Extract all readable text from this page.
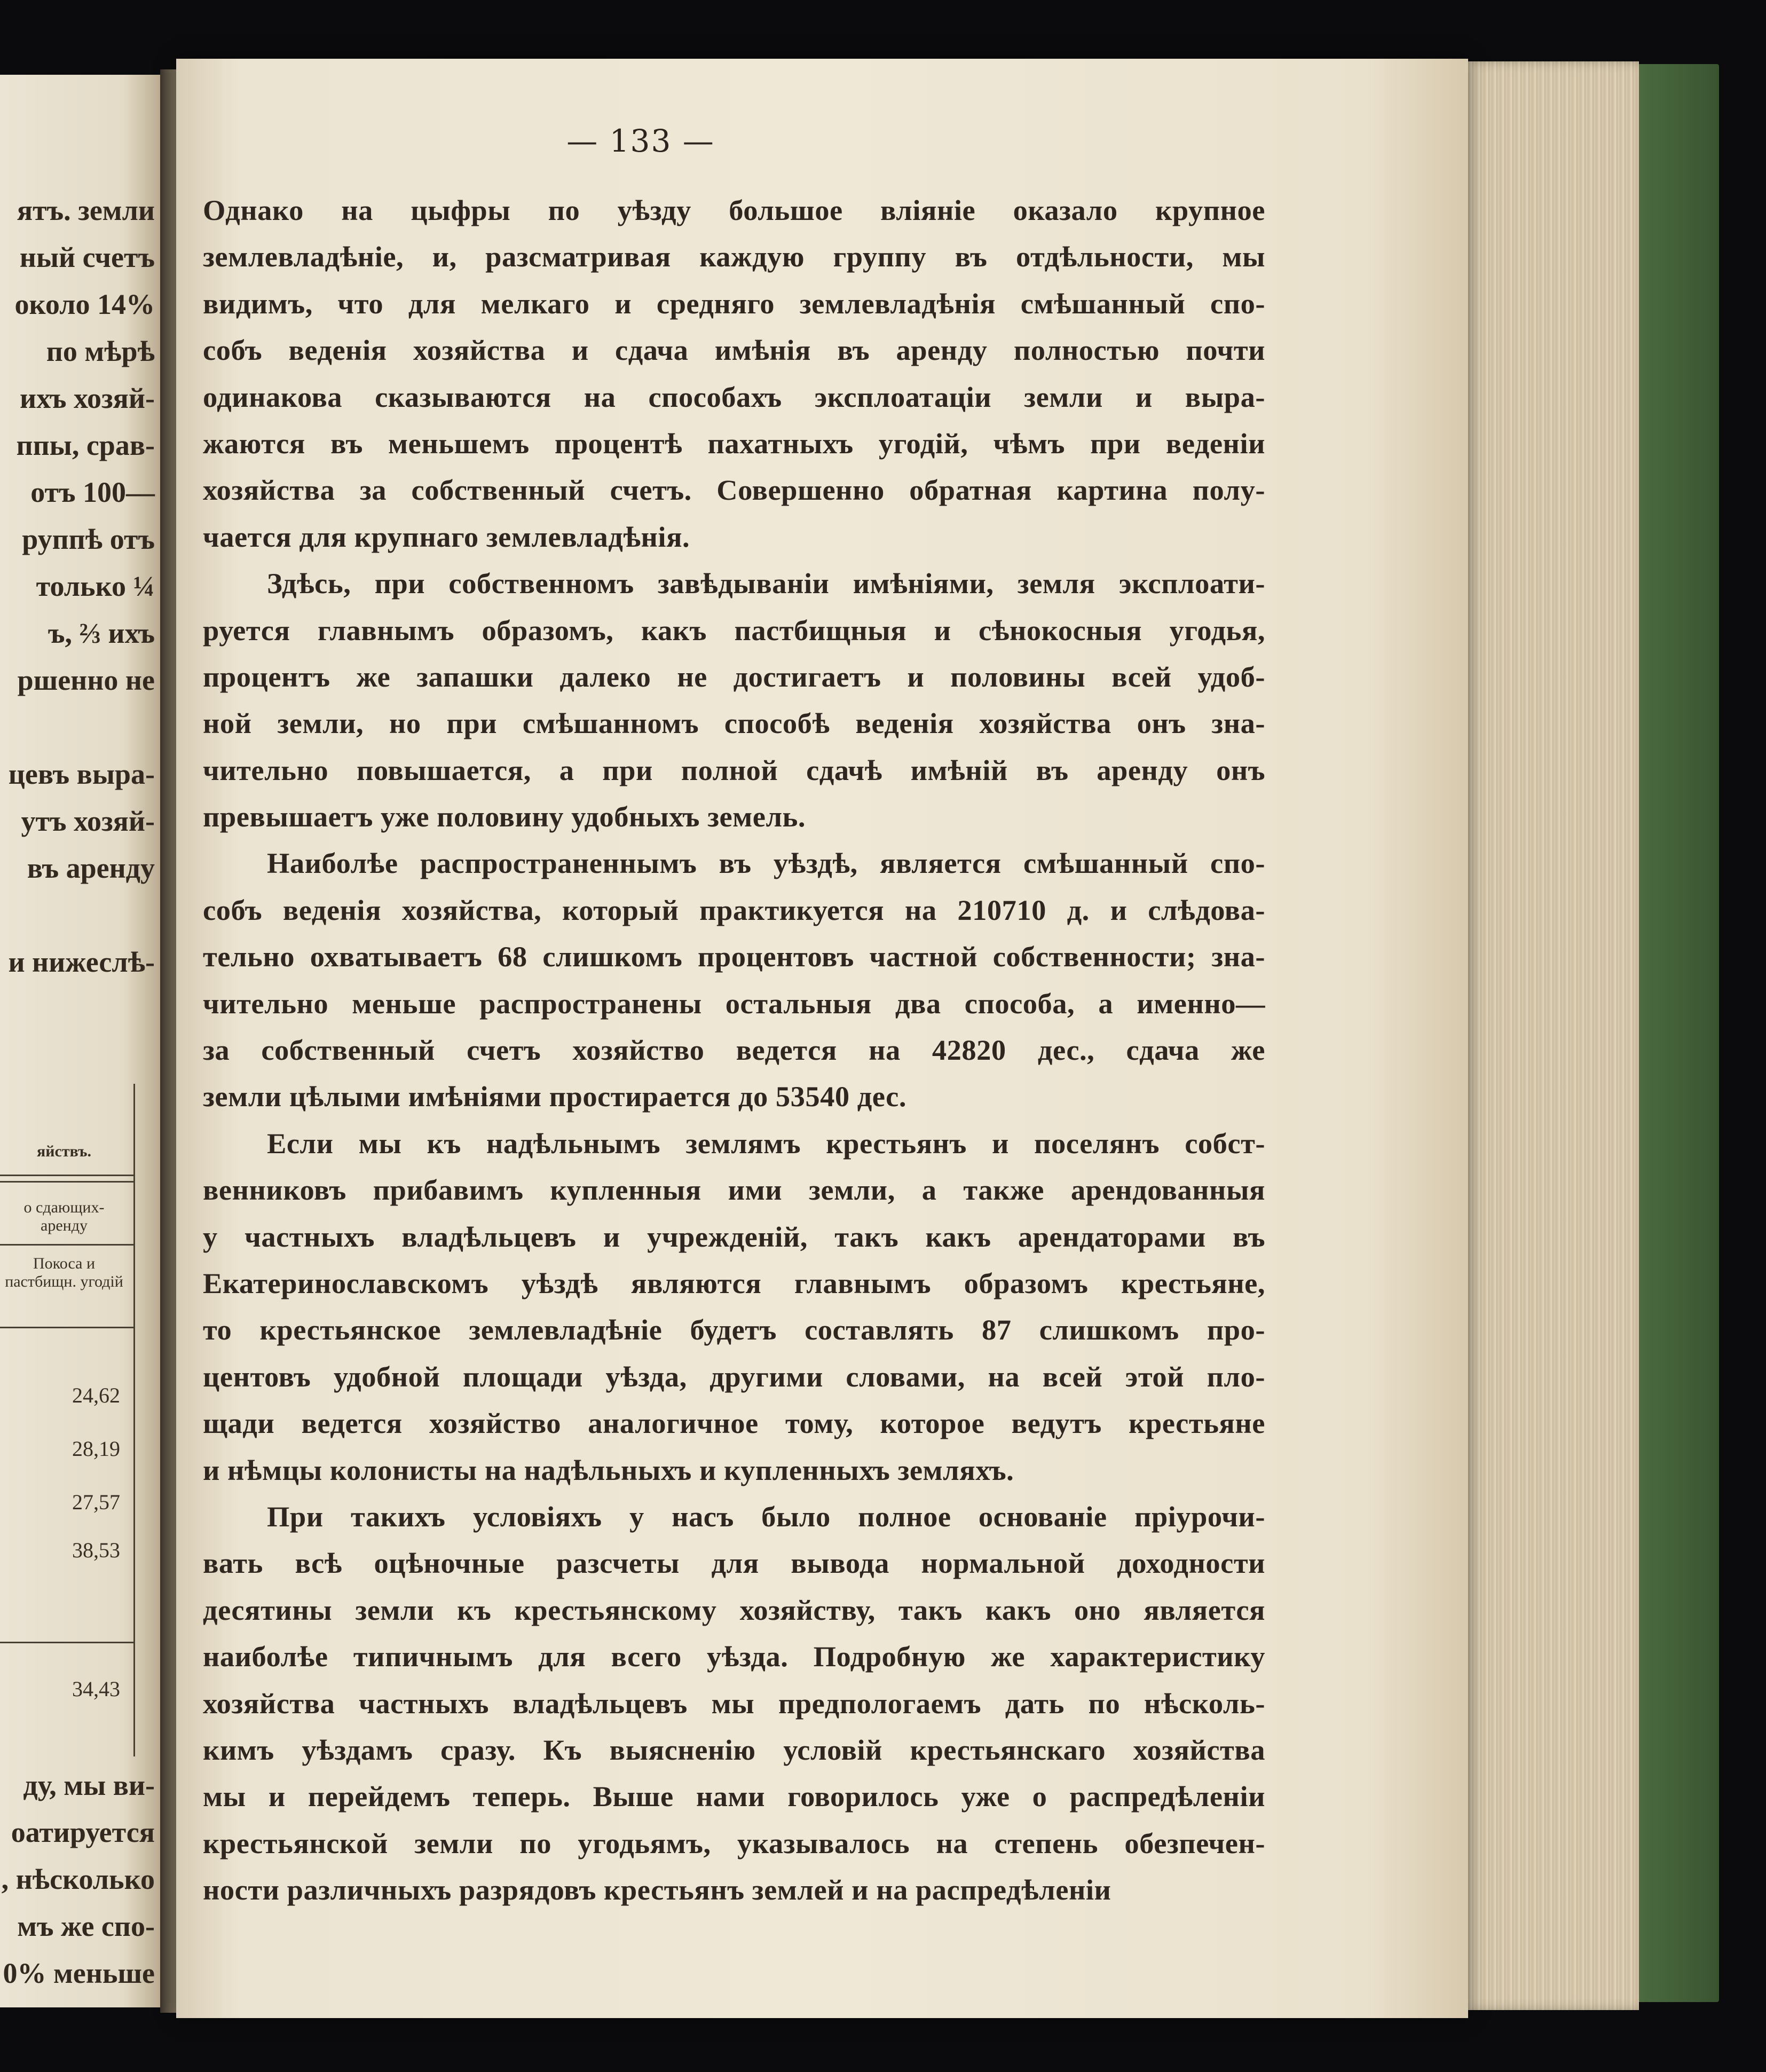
ятъ. земли
ный счетъ
около 14%
по мѣрѣ
ихъ хозяй-
ппы, срав-
отъ 100—
руппѣ отъ
только ¼
ъ, ⅔ ихъ
ршенно не
цевъ выра-
утъ хозяй-
въ аренду
и нижеслѣ-
яйствъ.
о сдающих- аренду
Покоса и пастбищн. угодій
24,62
28,19
27,57
38,53
34,43
ду, мы ви-
оатируется
, нѣсколько
мъ же спо-
0% меньше
— 133 —
Однако на цыфры по уѣзду большое вліяніе оказало крупное
землевладѣніе, и, разсматривая каждую группу въ отдѣльности, мы
видимъ, что для мелкаго и средняго землевладѣнія смѣшанный спо-
собъ веденія хозяйства и сдача имѣнія въ аренду полностью почти
одинакова сказываются на способахъ эксплоатаціи земли и выра-
жаются въ меньшемъ процентѣ пахатныхъ угодій, чѣмъ при веденіи
хозяйства за собственный счетъ. Совершенно обратная картина полу-
чается для крупнаго землевладѣнія.
Здѣсь, при собственномъ завѣдываніи имѣніями, земля эксплоати-
руется главнымъ образомъ, какъ пастбищныя и сѣнокосныя угодья,
процентъ же запашки далеко не достигаетъ и половины всей удоб-
ной земли, но при смѣшанномъ способѣ веденія хозяйства онъ зна-
чительно повышается, а при полной сдачѣ имѣній въ аренду онъ
превышаетъ уже половину удобныхъ земель.
Наиболѣе распространеннымъ въ уѣздѣ, является смѣшанный спо-
собъ веденія хозяйства, который практикуется на 210710 д. и слѣдова-
тельно охватываетъ 68 слишкомъ процентовъ частной собственности; зна-
чительно меньше распространены остальныя два способа, а именно—
за собственный счетъ хозяйство ведется на 42820 дес., сдача же
земли цѣлыми имѣніями простирается до 53540 дес.
Если мы къ надѣльнымъ землямъ крестьянъ и поселянъ собст-
венниковъ прибавимъ купленныя ими земли, а также арендованныя
у частныхъ владѣльцевъ и учрежденій, такъ какъ арендаторами въ
Екатеринославскомъ уѣздѣ являются главнымъ образомъ крестьяне,
то крестьянское землевладѣніе будетъ составлять 87 слишкомъ про-
центовъ удобной площади уѣзда, другими словами, на всей этой пло-
щади ведется хозяйство аналогичное тому, которое ведутъ крестьяне
и нѣмцы колонисты на надѣльныхъ и купленныхъ земляхъ.
При такихъ условіяхъ у насъ было полное основаніе пріурочи-
вать всѣ оцѣночные разсчеты для вывода нормальной доходности
десятины земли къ крестьянскому хозяйству, такъ какъ оно является
наиболѣе типичнымъ для всего уѣзда. Подробную же характеристику
хозяйства частныхъ владѣльцевъ мы предпологаемъ дать по нѣсколь-
кимъ уѣздамъ сразу. Къ выясненію условій крестьянскаго хозяйства
мы и перейдемъ теперь. Выше нами говорилось уже о распредѣленіи
крестьянской земли по угодьямъ, указывалось на степень обезпечен-
ности различныхъ разрядовъ крестьянъ землей и на распредѣленіи
